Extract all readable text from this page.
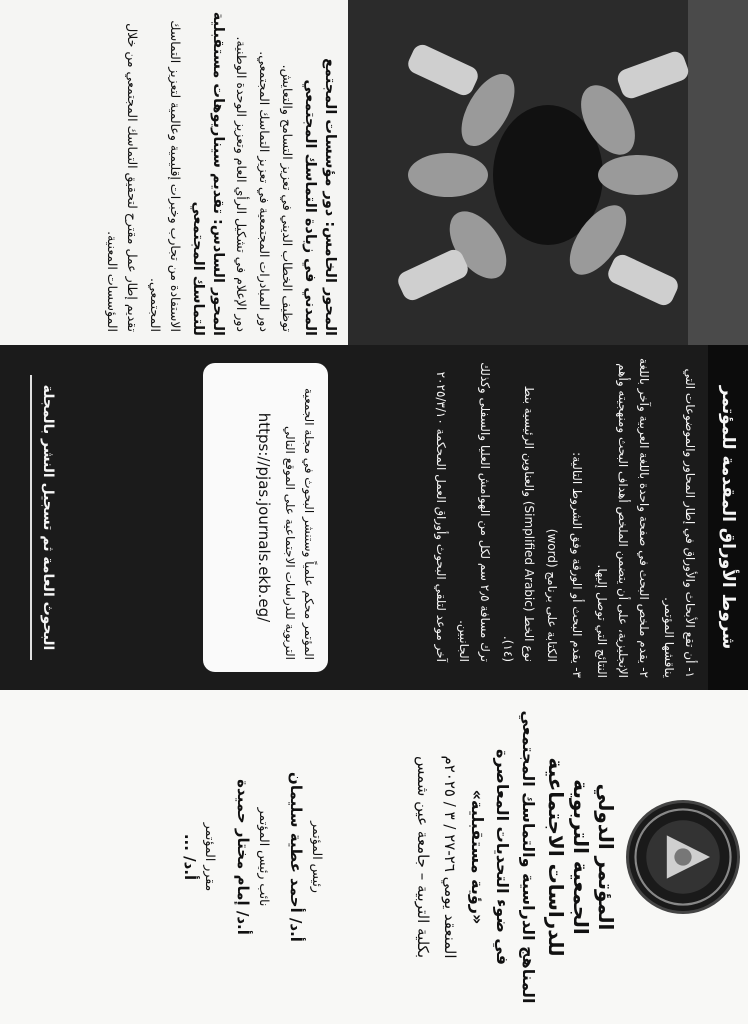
المحور الخامس: دور مؤسسات المجتمع المدني في زيادة التماسك المجتمعي
توظيف الخطاب الديني في تعزيز التسامح والتعايش.
دور المبادرات المجتمعية في تعزيز التماسك المجتمعي.
دور الإعلام في تشكيل الرأي العام وتعزيز الوحدة الوطنية.
المحور السادس: تقديم سيناريوهات مستقبلية للتماسك المجتمعي
الاستفادة من تجارب وخبرات إقليمية وعالمية لتعزيز التماسك المجتمعي.
تقديم إطار عمل مقترح لتحقيق التماسك المجتمعي من خلال المؤسسات المعنية.
شروط الأوراق المقدمة للمؤتمر
١- أن تقع الأبحاث والأوراق في إطار المحاور والموضوعات التي يناقشها المؤتمر.
٢- يقدم ملخص البحث في صفحة واحدة باللغة العربية وآخر باللغة الإنجليزية، على أن يتضمن الملخص أهداف البحث ومنهجيته وأهم النتائج التي توصل إليها.
٣- يقدم البحث أو الورقة وفق الشروط التالية:
الكتابة على برنامج (word)
نوع الخط (Simplified Arabic) والعناوين الرئيسية بنط (١٤).
ترك مسافة ٢٫٥ سم لكل من الهوامش العليا والسفلى وكذلك الجانبين.
آخر موعد لتلقي البحوث وأوراق العمل المحكمة ٢٠٢٥/٣/١٠
المؤتمر محكم علمياً وستنشر البحوث في مجلة الجمعية التربوية للدراسات الاجتماعية على الموقع التالي
https://pjas.journals.ekb.eg/
البحوث العامة ثم تسجيل النشر بالمجلة
المؤتمر الدولي
الجمعية التربوية
للدراسات الاجتماعية
المناهج الدراسية والتماسك المجتمعي
في ضوء التحديات المعاصرة
«رؤية مستقبلية»
المنعقد يومي ٢٦-٢٧ / ٣ / ٢٠٢٥م
بكلية التربية – جامعة عين شمس
رئيس المؤتمر
أ.د/ أحمد عطية سليمان
نائب رئيس المؤتمر
أ.د/ إمام مختار حميدة
مقرر المؤتمر
أ.د/ ...
